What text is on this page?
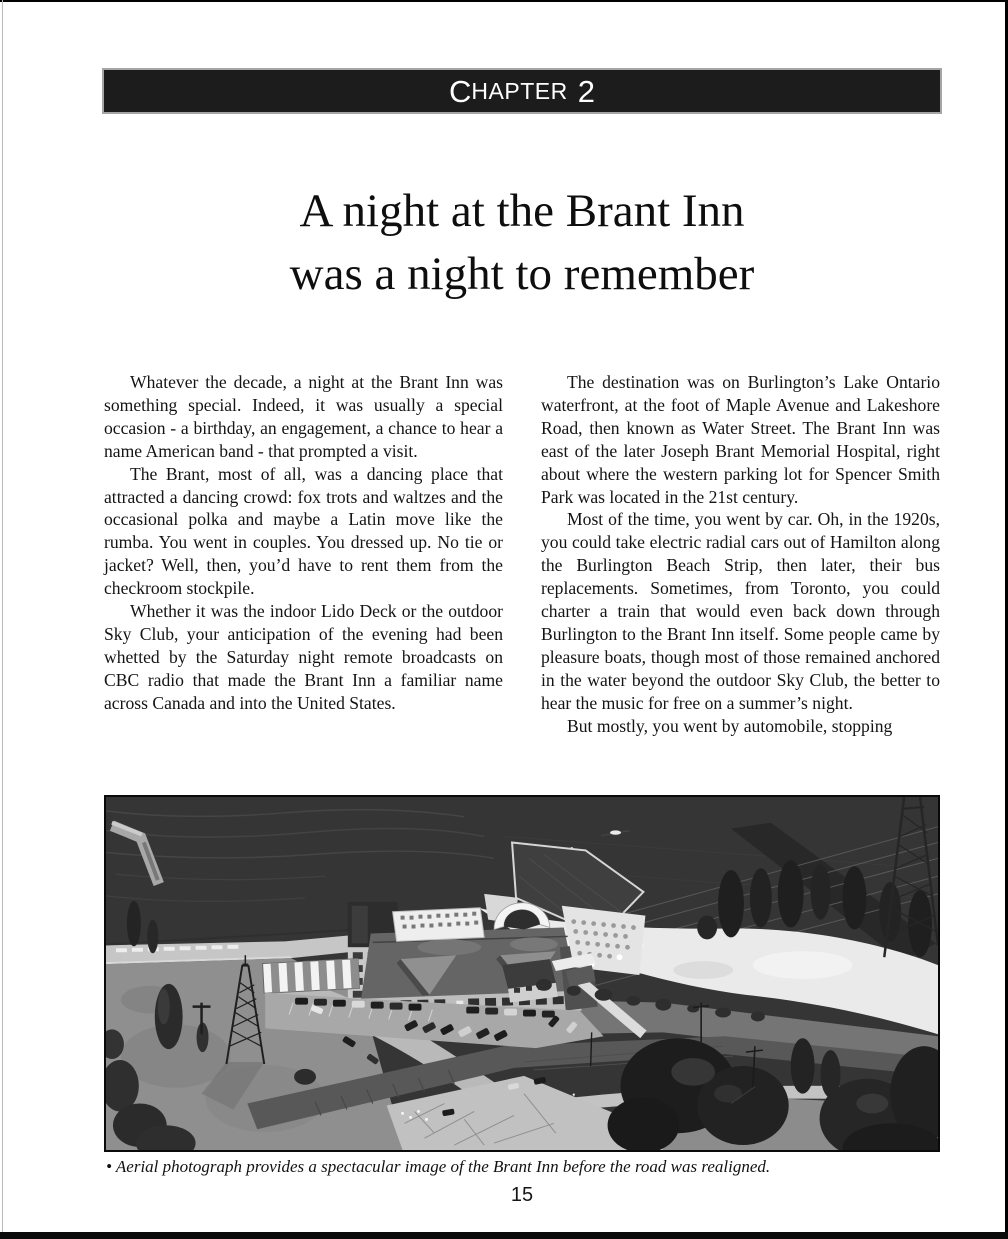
C HAPTER 2
A night at the Brant Inn
was a night to remember

Whatever the decade, a night at the Brant Inn was something special. Indeed, it was usually a special occasion - a birthday, an engagement, a chance to hear a name American band - that prompted a visit.

The Brant, most of all, was a dancing place that attracted a dancing crowd: fox trots and waltzes and the occasional polka and maybe a Latin move like the rumba. You went in couples. You dressed up. No tie or jacket? Well, then, you’d have to rent them from the checkroom stockpile.

Whether it was the indoor Lido Deck or the outdoor Sky Club, your anticipation of the evening had been whetted by the Saturday night remote broadcasts on CBC radio that made the Brant Inn a familiar name across Canada and into the United States.

The destination was on Burlington’s Lake Ontario waterfront, at the foot of Maple Avenue and Lakeshore Road, then known as Water Street. The Brant Inn was east of the later Joseph Brant Memorial Hospital, right about where the western parking lot for Spencer Smith Park was located in the 21st century.

Most of the time, you went by car. Oh, in the 1920s, you could take electric radial cars out of Hamilton along the Burlington Beach Strip, then later, their bus replacements. Sometimes, from Toronto, you could charter a train that would even back down through Burlington to the Brant Inn itself. Some people came by pleasure boats, though most of those remained anchored in the water beyond the outdoor Sky Club, the better to hear the music for free on a summer’s night.

But mostly, you went by automobile, stopping

• Aerial photograph provides a spectacular image of the Brant Inn before the road was realigned.
15
